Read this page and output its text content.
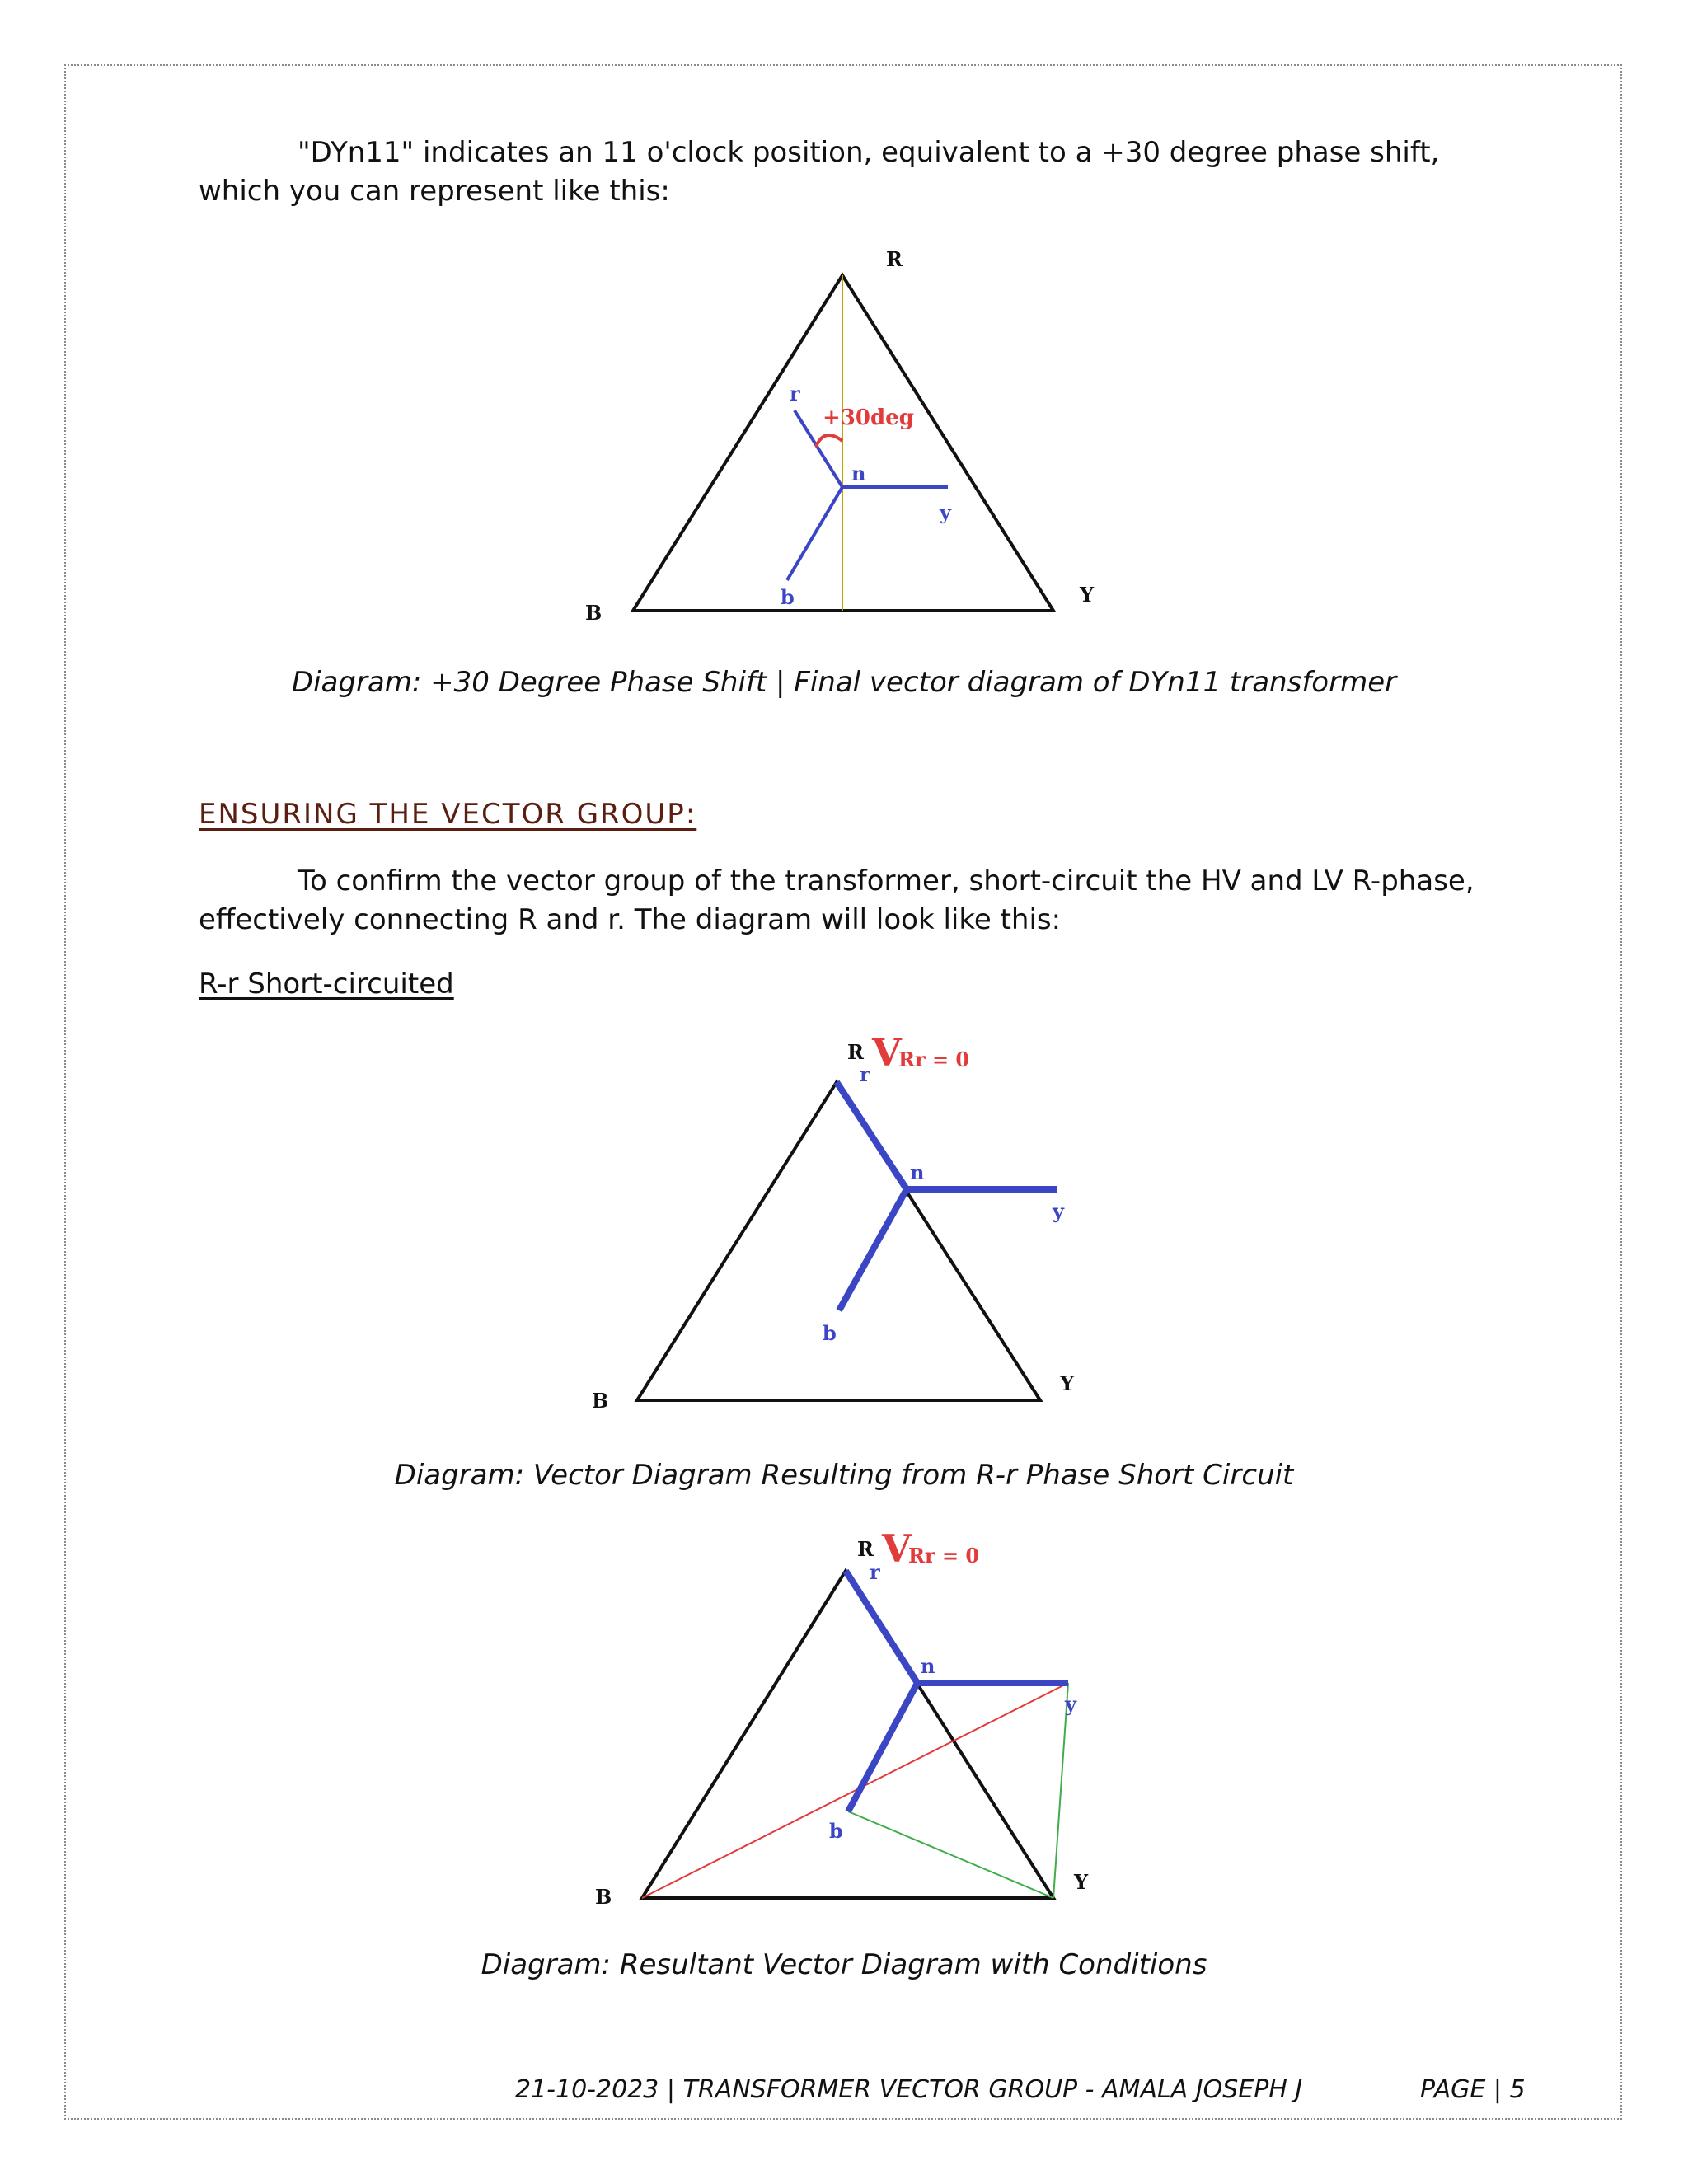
"DYn11" indicates an 11 o'clock position, equivalent to a +30 degree phase shift, which you can represent like this:

R
Y
B
r
n
y
b
+30deg
Diagram: +30 Degree Phase Shift | Final vector diagram of DYn11 transformer
ENSURING THE VECTOR GROUP:

To confirm the vector group of the transformer, short-circuit the HV and LV R-phase, effectively connecting R and r. The diagram will look like this:

R-r Short-circuited
R
r V
Rr = 0
n
y
b
Y
B
Diagram: Vector Diagram Resulting from R-r Phase Short Circuit
R
r
V
Rr = 0
n
y
b
Y
B
Diagram: Resultant Vector Diagram with Conditions
21-10-2023 | TRANSFORMER VECTOR GROUP - AMALA JOSEPH J	PAGE | 5
